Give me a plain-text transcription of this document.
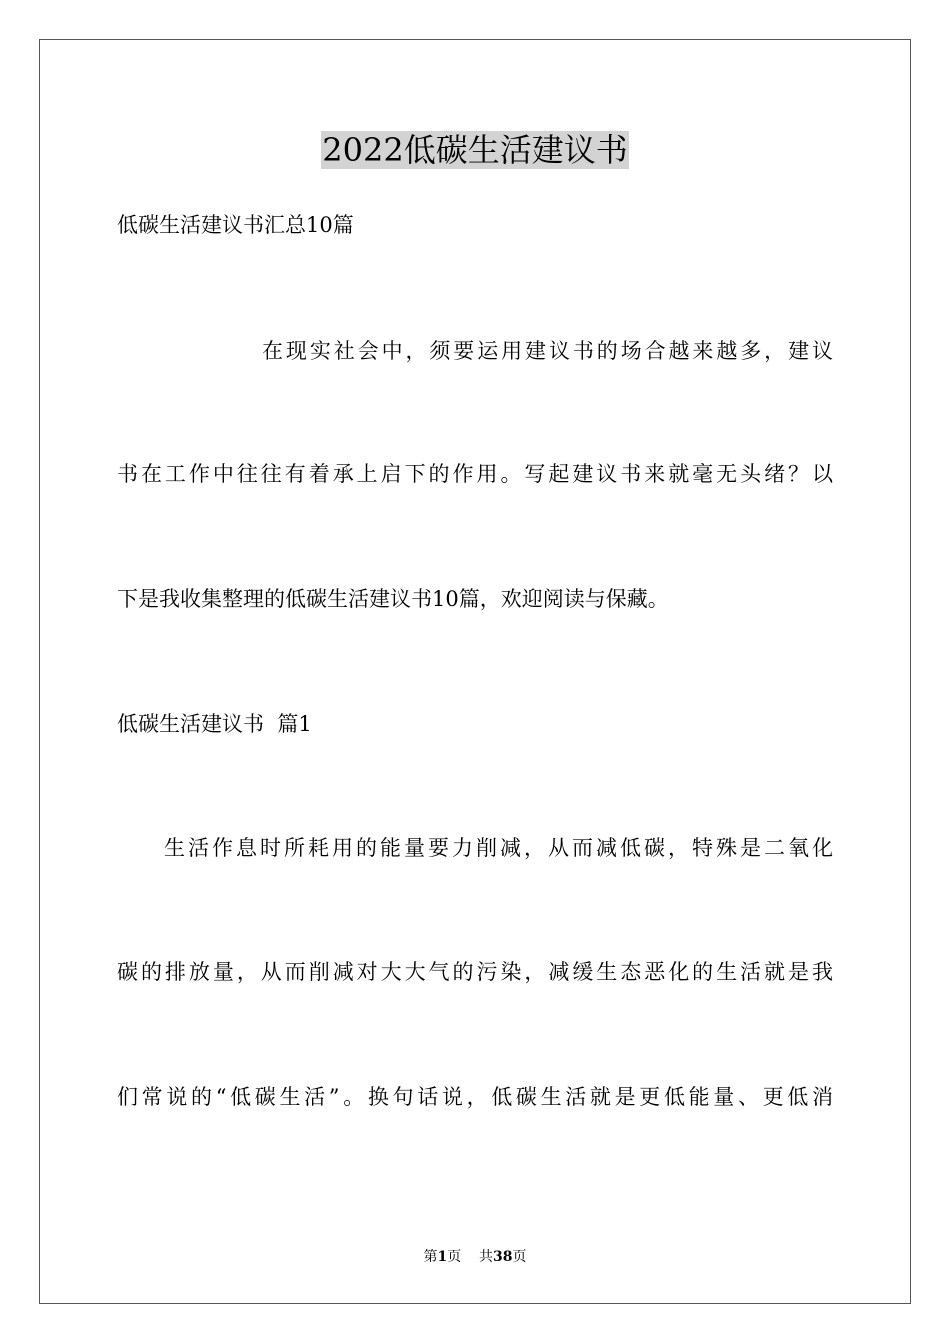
2022低碳生活建议书
低碳生活建议书汇总10篇
在现实社会中，须要运用建议书的场合越来越多，建议
书在工作中往往有着承上启下的作用。写起建议书来就毫无头绪？以
下是我收集整理的低碳生活建议书10篇，欢迎阅读与保藏。
低碳生活建议书  篇1
生活作息时所耗用的能量要力削减，从而减低碳，特殊是二氧化
碳的排放量，从而削减对大大气的污染，减缓生态恶化的生活就是我
们常说的“低碳生活”。换句话说，低碳生活就是更低能量、更低消
第1页 共38页
